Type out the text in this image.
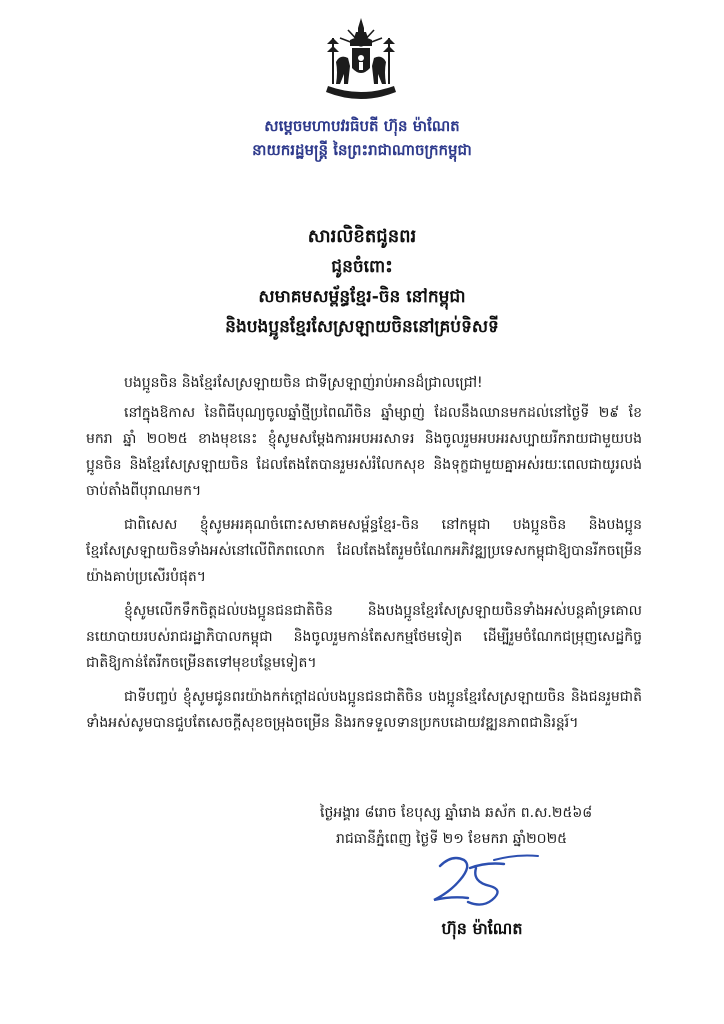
សម្ដេចមហាបវរធិបតី ហ៊ុន ម៉ាណែត
នាយករដ្ឋមន្ត្រី នៃព្រះរាជាណាចក្រកម្ពុជា
សារលិខិតជូនពរ
ជូនចំពោះ
សមាគមសម្ព័ន្ធខ្មែរ-ចិន នៅកម្ពុជា
និងបងប្អូនខ្មែរសែស្រឡាយចិននៅគ្រប់ទិសទី

បងប្អូនចិន និងខ្មែរសែស្រឡាយចិន ជាទីស្រឡាញ់រាប់អានដ៏ជ្រាលជ្រៅ!

នៅក្នុងឱកាស នៃពិធីបុណ្យចូលឆ្នាំថ្មីប្រពៃណីចិន ឆ្នាំម្សាញ់ ដែលនឹងឈានមកដល់នៅថ្ងៃទី ២៩ ខែមករា ឆ្នាំ ២០២៥ ខាងមុខនេះ ខ្ញុំសូមសម្ដែងការអបអរសាទរ និងចូលរួមអបអរសប្បាយរីករាយជាមួយបងប្អូនចិន និងខ្មែរសែស្រឡាយចិន ដែលតែងតែបានរួមរស់រំលែកសុខ និងទុក្ខជាមួយគ្នាអស់រយៈពេលជាយូរលង់ចាប់តាំងពីបុរាណមក។

ជាពិសេស ខ្ញុំសូមអរគុណចំពោះសមាគមសម្ព័ន្ធខ្មែរ-ចិន នៅកម្ពុជា បងប្អូនចិន និងបងប្អូនខ្មែរសែស្រឡាយចិនទាំងអស់នៅលើពិភពលោក ដែលតែងតែរួមចំណែកអភិវឌ្ឍប្រទេសកម្ពុជាឱ្យបានរីកចម្រើនយ៉ាងគាប់ប្រសើរបំផុត។

ខ្ញុំសូមលើកទឹកចិត្តដល់បងប្អូនជនជាតិចិន និងបងប្អូនខ្មែរសែស្រឡាយចិនទាំងអស់បន្តគាំទ្រគោលនយោបាយរបស់រាជរដ្ឋាភិបាលកម្ពុជា និងចូលរួមកាន់តែសកម្មថែមទៀត ដើម្បីរួមចំណែកជម្រុញសេដ្ឋកិច្ចជាតិឱ្យកាន់តែរីកចម្រើនតទៅមុខបន្ថែមទៀត។

ជាទីបញ្ចប់ ខ្ញុំសូមជូនពរយ៉ាងកក់ក្ដៅដល់បងប្អូនជនជាតិចិន បងប្អូនខ្មែរសែស្រឡាយចិន និងជនរួមជាតិទាំងអស់សូមបានជួបតែសេចក្ដីសុខចម្រុងចម្រើន និងរកទទួលទានប្រកបដោយវឌ្ឍនភាពជានិរន្តរ៍។

ថ្ងៃអង្គារ ៨រោច ខែបុស្ស ឆ្នាំរោង ឆស័ក ព.ស.២៥៦៨
រាជធានីភ្នំពេញ ថ្ងៃទី ២១ ខែមករា ឆ្នាំ២០២៥
ហ៊ុន ម៉ាណែត
